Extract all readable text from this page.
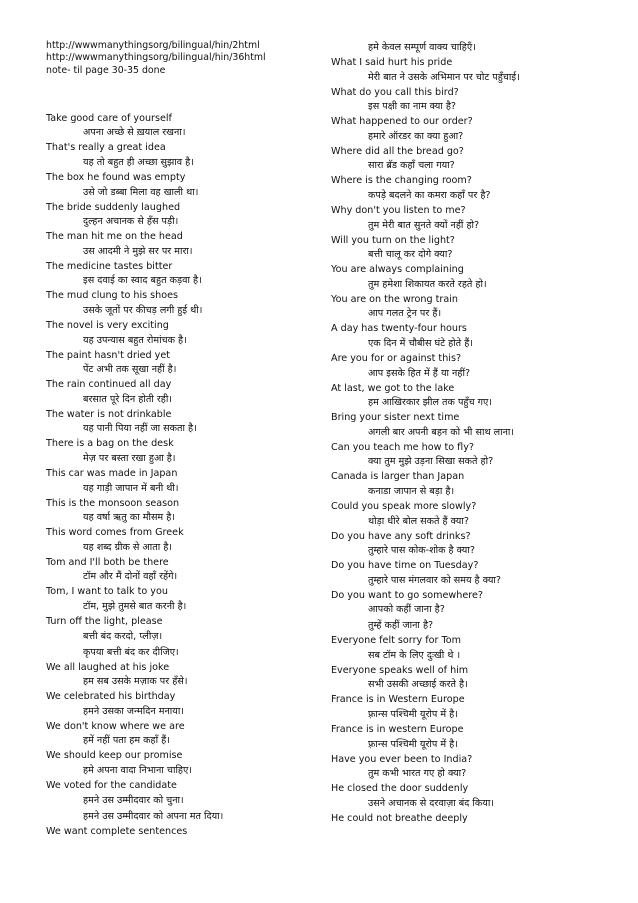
http://wwwmanythingsorg/bilingual/hin/2html
http://wwwmanythingsorg/bilingual/hin/36html
note- til page 30-35 done
Take good care of yourself
अपना अच्छे से ख़याल रखना।
That's really a great idea
यह तो बहुत ही अच्छा सुझाव है।
The box he found was empty
उसे जो डब्बा मिला वह खाली था।
The bride suddenly laughed
दुल्हन अचानक से हँस पड़ी।
The man hit me on the head
उस आदमी ने मुझे सर पर मारा।
The medicine tastes bitter
इस दवाई का स्वाद बहुत कड़वा है।
The mud clung to his shoes
उसके जूतों पर कीचड़ लगी हुई थी।
The novel is very exciting
यह उपन्यास बहुत रोमांचक है।
The paint hasn't dried yet
पेंट अभी तक सूखा नहीं है।
The rain continued all day
बरसात पूरे दिन होती रही।
The water is not drinkable
यह पानी पिया नहीं जा सकता है।
There is a bag on the desk
मेज़ पर बस्ता रखा हुआ है।
This car was made in Japan
यह गाड़ी जापान में बनी थी।
This is the monsoon season
यह वर्षा ऋतु का मौसम है।
This word comes from Greek
यह शब्द ग्रीक से आता है।
Tom and I'll both be there
टॉम और मैं दोनों वहाँ रहेंगे।
Tom, I want to talk to you
टॉम, मुझे तुमसे बात करनी है।
Turn off the light, please
बत्ती बंद करदो, प्लीज़।
कृपया बत्ती बंद कर दीजिए।
We all laughed at his joke
हम सब उसके मज़ाक पर हँसे।
We celebrated his birthday
हमने उसका जन्मदिन मनाया।
We don't know where we are
हमें नहीं पता हम कहाँ हैं।
We should keep our promise
हमे अपना वादा निभाना चाहिए।
We voted for the candidate
हमने उस उम्मीदवार को चुना।
हमने उस उम्मीदवार को अपना मत दिया।
We want complete sentences
हमे केवल सम्पूर्ण वाक्य चाहिएँ।
What I said hurt his pride
मेरी बात ने उसके अभिमान पर चोट पहुँचाई।
What do you call this bird?
इस पक्षी का नाम क्या है?
What happened to our order?
हमारे ऑरडर का क्या हुआ?
Where did all the bread go?
सारा ब्रॅड कहाँ चला गया?
Where is the changing room?
कपड़े बदलने का कमरा कहाँ पर है?
Why don't you listen to me?
तुम मेरी बात सुनते क्यों नहीं हो?
Will you turn on the light?
बत्ती चालू कर दोगे क्या?
You are always complaining
तुम हमेशा शिकायत करते रहते हो।
You are on the wrong train
आप गलत ट्रेन पर हैं।
A day has twenty-four hours
एक दिन में चौबीस घंटे होते हैं।
Are you for or against this?
आप इसके हित में हैं या नहीं?
At last, we got to the lake
हम आखिरकार झील तक पहुँच गए।
Bring your sister next time
अगली बार अपनी बहन को भी साथ लाना।
Can you teach me how to fly?
क्या तुम मुझे उड़ना सिखा सकते हो?
Canada is larger than Japan
कनाडा जापान से बड़ा है।
Could you speak more slowly?
थोड़ा धीरे बोल सकते हैं क्या?
Do you have any soft drinks?
तुम्हारे पास कोक-शोक है क्या?
Do you have time on Tuesday?
तुम्हारे पास मंगलवार को समय है क्या?
Do you want to go somewhere?
आपको कहीं जाना है?
तुम्हें कहीं जाना है?
Everyone felt sorry for Tom
सब टॉम के लिए दुःखी थे ।
Everyone speaks well of him
सभी उसकी अच्छाई करते है।
France is in Western Europe
फ़्रान्स पश्चिमी यूरोप में है।
France is in western Europe
फ़्रान्स पश्चिमी यूरोप में है।
Have you ever been to India?
तुम कभी भारत गए हो क्या?
He closed the door suddenly
उसने अचानक से दरवाज़ा बंद किया।
He could not breathe deeply
